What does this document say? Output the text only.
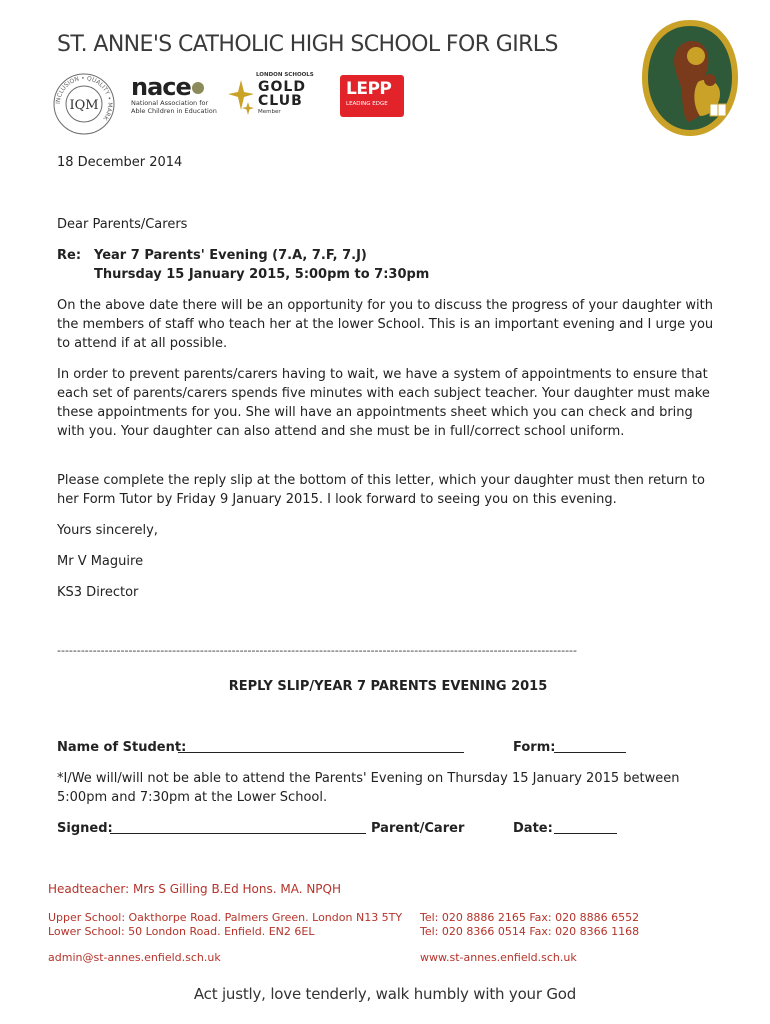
ST. ANNE'S CATHOLIC HIGH SCHOOL FOR GIRLS
IQM
INCLUSION • QUALITY • MARK
nace
National Association for
Able Children in Education
LONDON SCHOOLS
GOLD
CLUB
Member
LEPP
LEADING EDGE
18 December 2014
Dear Parents/Carers
Re: Year 7 Parents' Evening (7.A, 7.F, 7.J)
Thursday 15 January 2015, 5:00pm to 7:30pm
On the above date there will be an opportunity for you to discuss the progress of your daughter with the members of staff who teach her at the lower School. This is an important evening and I urge you to attend if at all possible.
In order to prevent parents/carers having to wait, we have a system of appointments to ensure that each set of parents/carers spends five minutes with each subject teacher. Your daughter must make these appointments for you. She will have an appointments sheet which you can check and bring with you. Your daughter can also attend and she must be in full/correct school uniform.
Please complete the reply slip at the bottom of this letter, which your daughter must then return to her Form Tutor by Friday 9 January 2015. I look forward to seeing you on this evening.
Yours sincerely,
Mr V Maguire
KS3 Director
-----------------------------------------------------------------------------------------------------------------------------------
REPLY SLIP/YEAR 7 PARENTS EVENING 2015
Name of Student:	Form:
*I/We will/will not be able to attend the Parents' Evening on Thursday 15 January 2015 between 5:00pm and 7:30pm at the Lower School.
Signed:	Parent/Carer	Date:
Headteacher: Mrs S Gilling B.Ed Hons. MA. NPQH
Upper School: Oakthorpe Road. Palmers Green. London N13 5TY Tel: 020 8886 2165 Fax: 020 8886 6552
Lower School: 50 London Road. Enfield. EN2 6EL	Tel: 020 8366 0514 Fax: 020 8366 1168
admin@st-annes.enfield.sch.uk	www.st-annes.enfield.sch.uk
Act justly, love tenderly, walk humbly with your God
